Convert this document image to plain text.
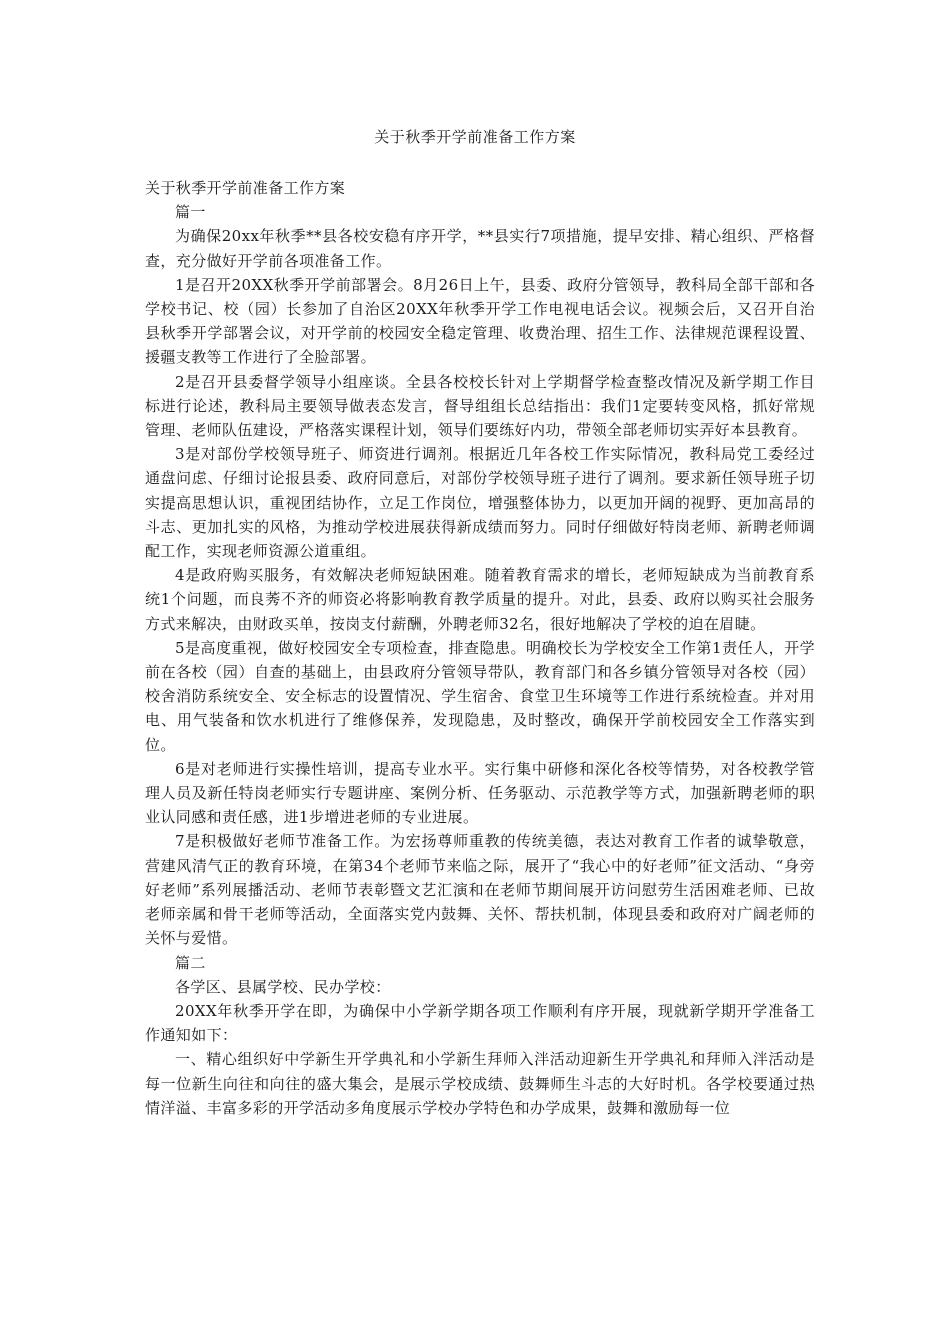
关于秋季开学前准备工作方案

关于秋季开学前准备工作方案

篇一

为确保20xx年秋季**县各校安稳有序开学，**县实行7项措施，提早安排、精心组织、严格督查，充分做好开学前各项准备工作。

1是召开20XX秋季开学前部署会。8月26日上午，县委、政府分管领导，教科局全部干部和各学校书记、校（园）长参加了自治区20XX年秋季开学工作电视电话会议。视频会后，又召开自治县秋季开学部署会议，对开学前的校园安全稳定管理、收费治理、招生工作、法律规范课程设置、援疆支教等工作进行了全脸部署。

2是召开县委督学领导小组座谈。全县各校校长针对上学期督学检查整改情况及新学期工作目标进行论述，教科局主要领导做表态发言，督导组组长总结指出：我们1定要转变风格，抓好常规管理、老师队伍建设，严格落实课程计划，领导们要练好内功，带领全部老师切实弄好本县教育。

3是对部份学校领导班子、师资进行调剂。根据近几年各校工作实际情况，教科局党工委经过通盘问虑、仔细讨论报县委、政府同意后，对部份学校领导班子进行了调剂。要求新任领导班子切实提高思想认识，重视团结协作，立足工作岗位，增强整体协力，以更加开阔的视野、更加高昂的斗志、更加扎实的风格，为推动学校进展获得新成绩而努力。同时仔细做好特岗老师、新聘老师调配工作，实现老师资源公道重组。

4是政府购买服务，有效解决老师短缺困难。随着教育需求的增长，老师短缺成为当前教育系统1个问题，而良莠不齐的师资必将影响教育教学质量的提升。对此，县委、政府以购买社会服务方式来解决，由财政买单，按岗支付薪酬，外聘老师32名，很好地解决了学校的迫在眉睫。

5是高度重视，做好校园安全专项检查，排查隐患。明确校长为学校安全工作第1责任人，开学前在各校（园）自查的基础上，由县政府分管领导带队，教育部门和各乡镇分管领导对各校（园）校舍消防系统安全、安全标志的设置情况、学生宿舍、食堂卫生环境等工作进行系统检查。并对用电、用气装备和饮水机进行了维修保养，发现隐患，及时整改，确保开学前校园安全工作落实到位。

6是对老师进行实操性培训，提高专业水平。实行集中研修和深化各校等情势，对各校教学管理人员及新任特岗老师实行专题讲座、案例分析、任务驱动、示范教学等方式，加强新聘老师的职业认同感和责任感，进1步增进老师的专业进展。

7是积极做好老师节准备工作。为宏扬尊师重教的传统美德，表达对教育工作者的诚挚敬意，营建风清气正的教育环境，在第34个老师节来临之际，展开了“我心中的好老师”征文活动、“身旁好老师”系列展播活动、老师节表彰暨文艺汇演和在老师节期间展开访问慰劳生活困难老师、已故老师亲属和骨干老师等活动，全面落实党内鼓舞、关怀、帮扶机制，体现县委和政府对广阔老师的关怀与爱惜。

篇二

各学区、县属学校、民办学校：

20XX年秋季开学在即，为确保中小学新学期各项工作顺利有序开展，现就新学期开学准备工作通知如下：

一、精心组织好中学新生开学典礼和小学新生拜师入泮活动迎新生开学典礼和拜师入泮活动是每一位新生向往和向往的盛大集会，是展示学校成绩、鼓舞师生斗志的大好时机。各学校要通过热情洋溢、丰富多彩的开学活动多角度展示学校办学特色和办学成果，鼓舞和激励每一位
